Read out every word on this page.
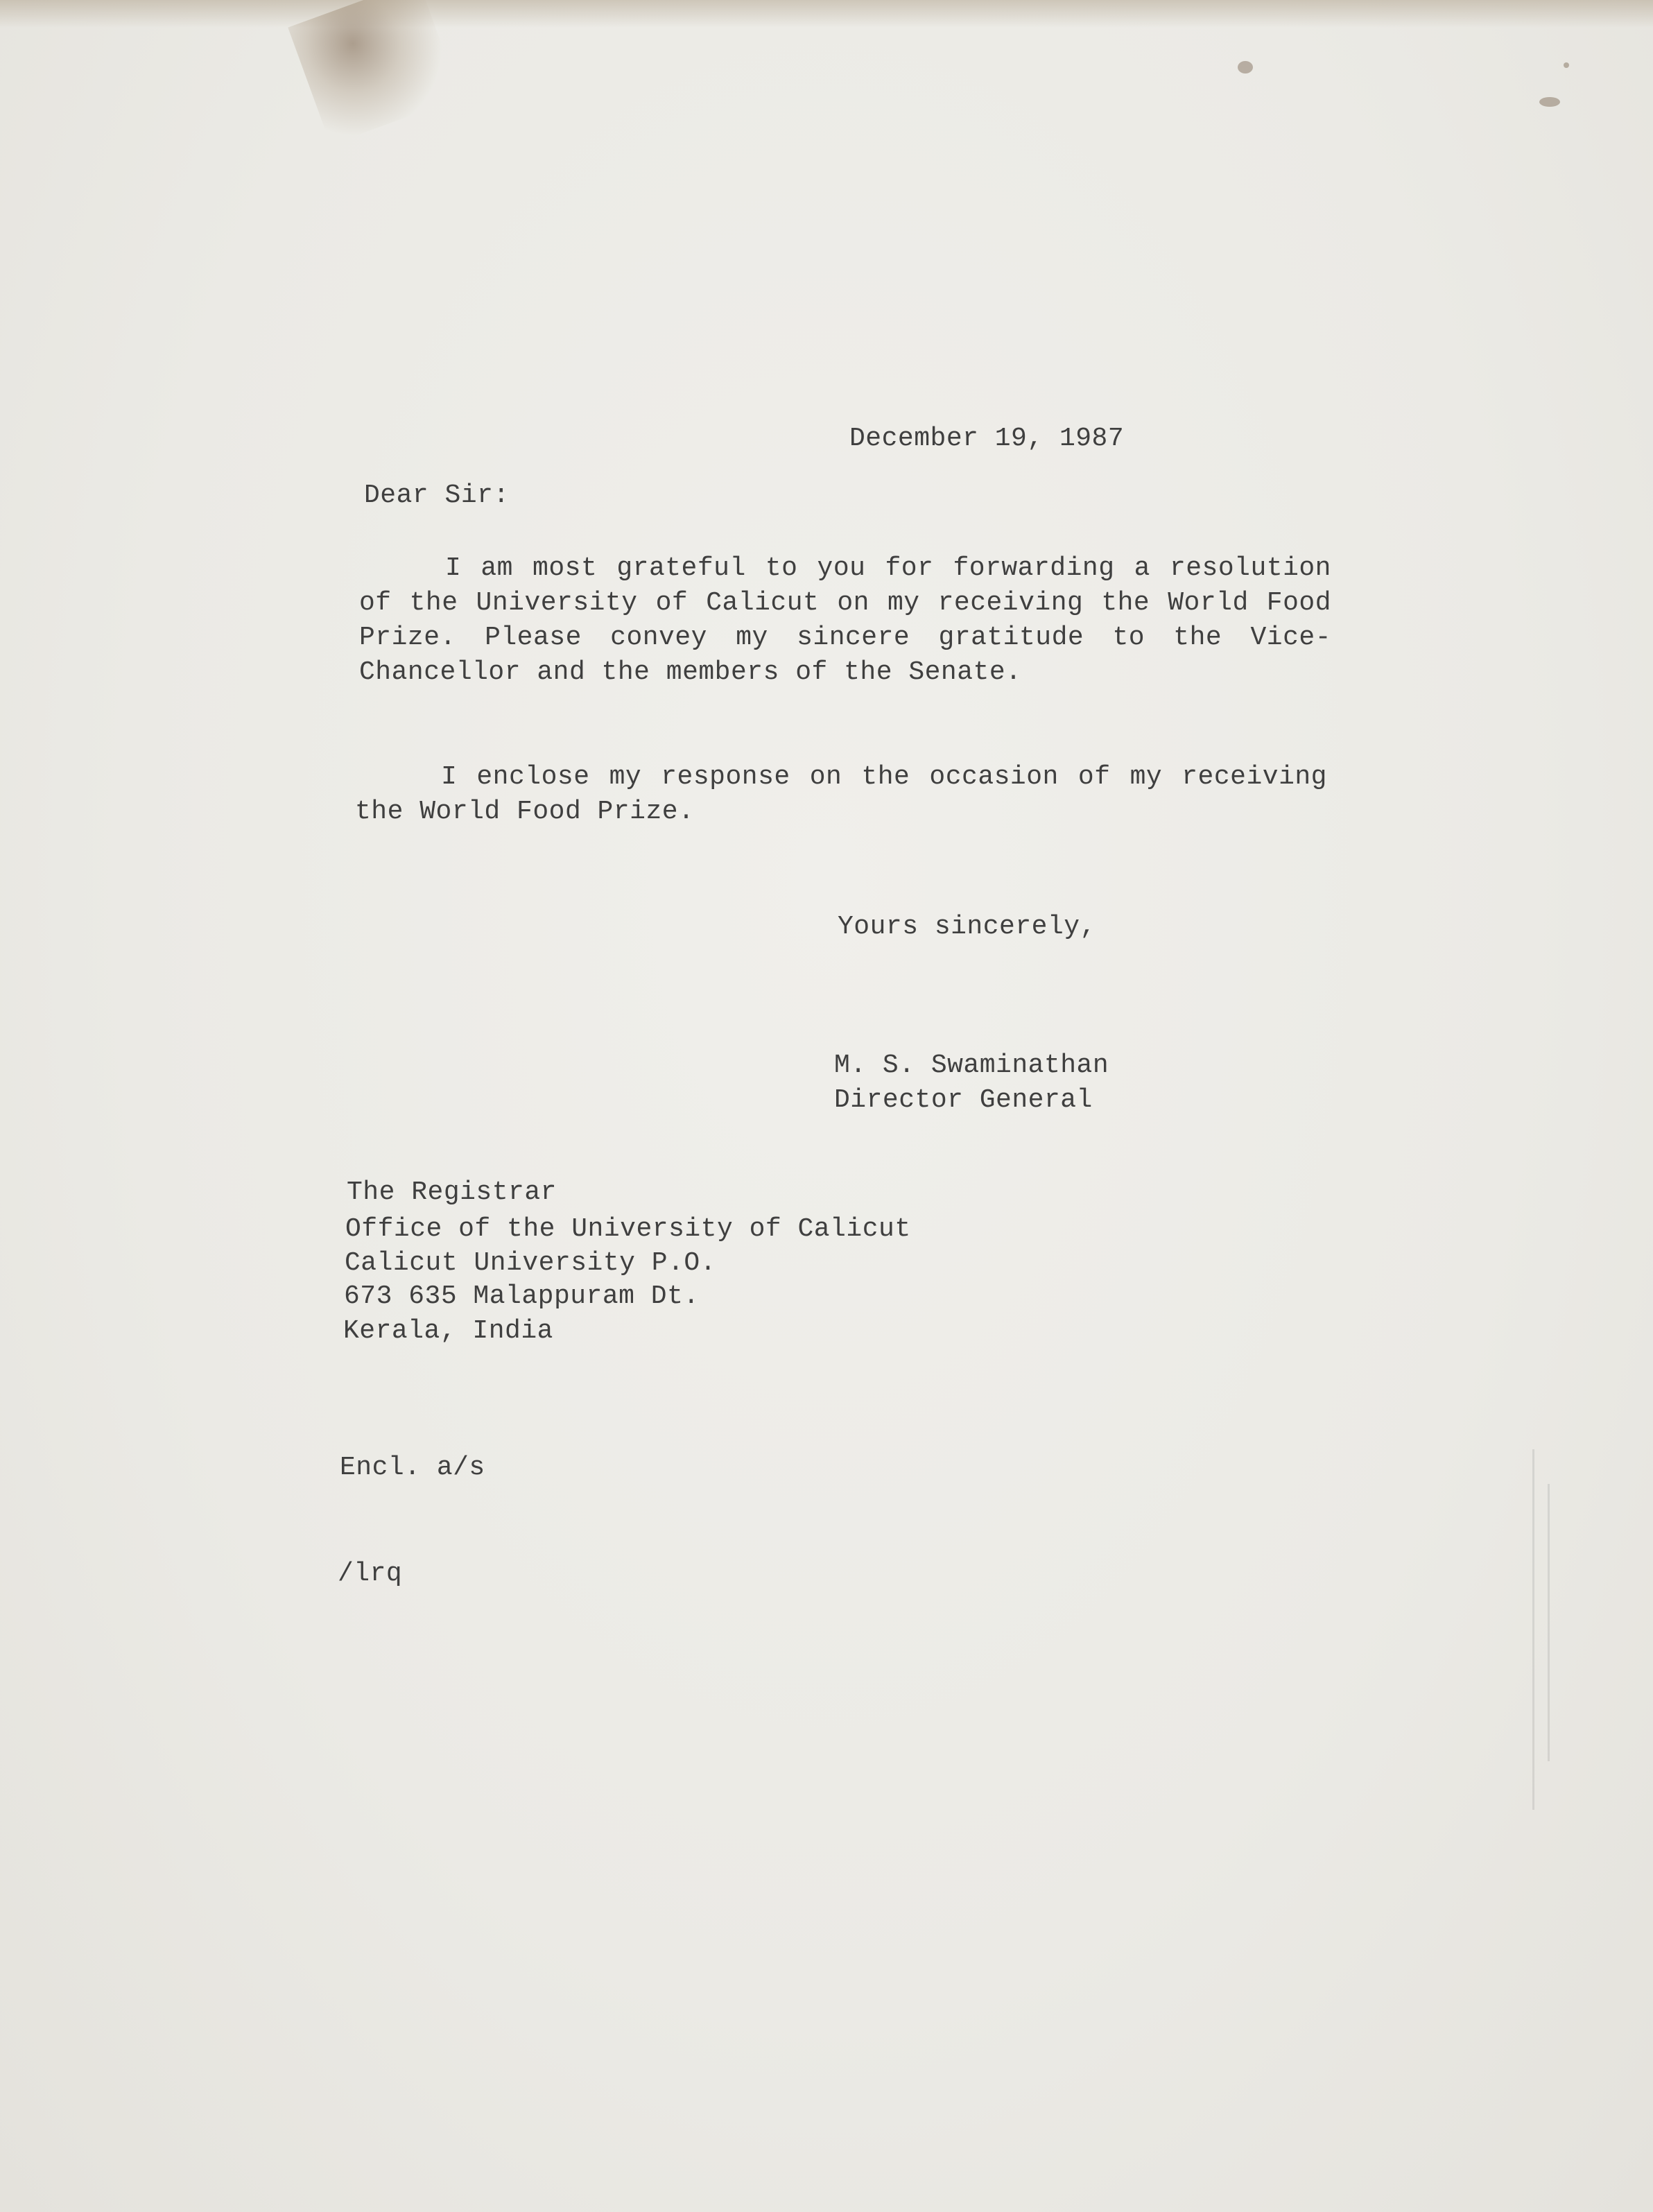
December 19, 1987
Dear Sir:
I am most grateful to you for forwarding a resolution of the University of Calicut on my receiving the World Food Prize. Please convey my sincere gratitude to the Vice-Chancellor and the members of the Senate.
I enclose my response on the occasion of my receiving the World Food Prize.
Yours sincerely,
M. S. Swaminathan
Director General
The Registrar
Office of the University of Calicut
Calicut University P.O.
673 635 Malappuram Dt.
Kerala, India
Encl. a/s
/lrq
